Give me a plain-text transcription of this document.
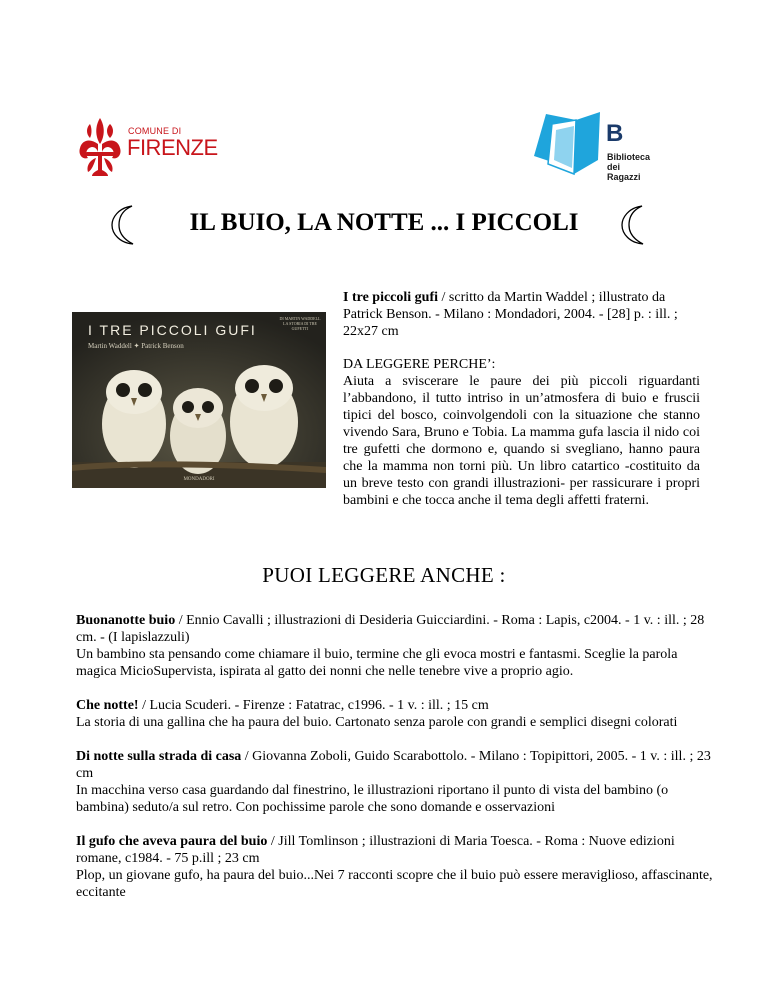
COMUNE DI
FIRENZE
B
Biblioteca
dei Ragazzi
IL BUIO, LA NOTTE ... I PICCOLI
I TRE PICCOLI GUFI
Martin Waddell ✦ Patrick Benson
DI MARTIN WADDELL LA STORIA DI TRE GUFETTI
MONDADORI

I tre piccoli gufi / scritto da Martin Waddel ; illustrato da Patrick Benson. - Milano : Mondadori, 2004. - [28] p. : ill. ; 22x27 cm

DA LEGGERE PERCHE’:

Aiuta a sviscerare le paure dei più piccoli riguardanti l’abbandono, il tutto intriso in un’atmosfera di buio e fruscii tipici del bosco, coinvolgendoli con la situazione che stanno vivendo Sara, Bruno e Tobia. La mamma gufa lascia il nido coi tre gufetti che dormono e, quando si svegliano, hanno paura che la mamma non torni più. Un libro catartico -costituito da un breve testo con grandi illustrazioni- per rassicurare i propri bambini e che tocca anche il tema degli affetti fraterni.

PUOI LEGGERE ANCHE :

Buonanotte buio / Ennio Cavalli ; illustrazioni di Desideria Guicciardini. - Roma : Lapis, c2004. - 1 v. : ill. ; 28 cm. - (I lapislazzuli)

Un bambino sta pensando come chiamare il buio, termine che gli evoca mostri e fantasmi. Sceglie la parola magica MicioSupervista, ispirata al gatto dei nonni che nelle tenebre vive a proprio agio.

Che notte! / Lucia Scuderi. - Firenze : Fatatrac, c1996. - 1 v. : ill. ; 15 cm

La storia di una gallina che ha paura del buio. Cartonato senza parole con grandi e semplici disegni colorati

Di notte sulla strada di casa / Giovanna Zoboli, Guido Scarabottolo. - Milano : Topipittori, 2005. - 1 v. : ill. ; 23 cm

In macchina verso casa guardando dal finestrino, le illustrazioni riportano il punto di vista del bambino (o bambina) seduto/a sul retro. Con pochissime parole che sono domande e osservazioni

Il gufo che aveva paura del buio / Jill Tomlinson ; illustrazioni di Maria Toesca. - Roma : Nuove edizioni romane, c1984. - 75 p.ill ; 23 cm

Plop, un giovane gufo, ha paura del buio...Nei 7 racconti scopre che il buio può essere meraviglioso, affascinante, eccitante
